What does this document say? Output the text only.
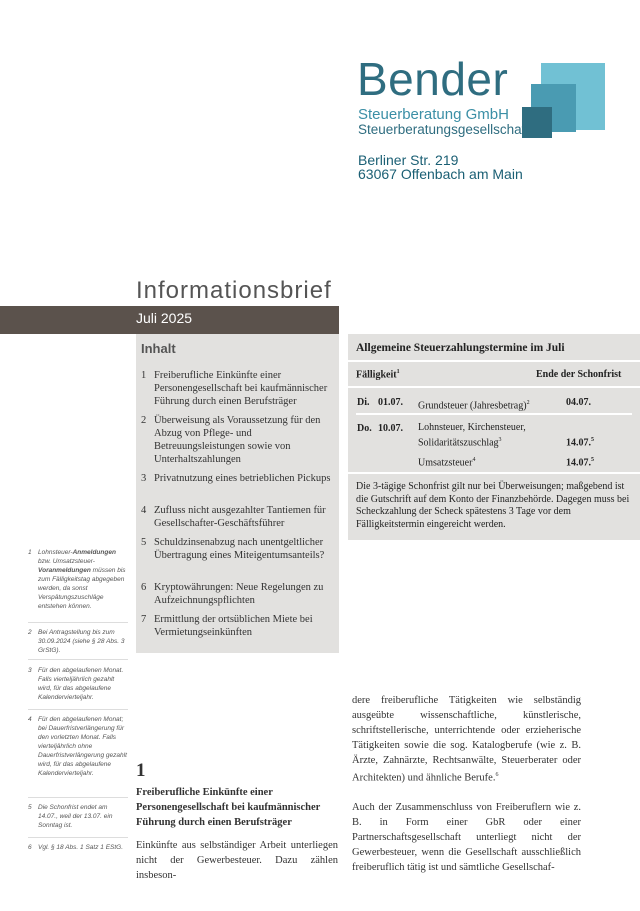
Bender
Steuerberatung GmbH
Steuerberatungsgesellschaft
Berliner Str. 219
63067 Offenbach am Main
Informationsbrief
Juli 2025
Inhalt
1 Freiberufliche Einkünfte einer Personengesellschaft bei kaufmännischer Führung durch einen Berufsträger
2 Überweisung als Voraussetzung für den Abzug von Pflege- und Betreuungsleistungen sowie von Unterhaltszahlungen
3 Privatnutzung eines betrieblichen Pickups
4 Zufluss nicht ausgezahlter Tantiemen für Gesellschafter-Geschäftsführer
5 Schuldzinsenabzug nach unentgeltlicher Übertragung eines Miteigentumsanteils?
6 Kryptowährungen: Neue Regelungen zu Aufzeichnungspflichten
7 Ermittlung der ortsüblichen Miete bei Vermietungseinkünften
Allgemeine Steuerzahlungstermine im Juli
Fälligkeit$^1$	Ende der Schonfrist
Di. 01.07. Grundsteuer (Jahresbetrag)$^2$	04.07.
Do. 10.07. Lohnsteuer, Kirchensteuer, Solidaritätszuschlag$^3$	14.07.$^5$
Umsatzsteuer$^4$	14.07.$^5$
Die 3-tägige Schonfrist gilt nur bei Überweisungen; maßgebend ist die Gutschrift auf dem Konto der Finanzbehörde. Dagegen muss bei Scheckzahlung der Scheck spätestens 3 Tage vor dem Fälligkeitstermin eingereicht werden.
1 Lohnsteuer-Anmeldungen bzw. Umsatzsteuer-Voranmeldungen müssen bis zum Fälligkeitstag abgegeben werden, da sonst Verspätungszuschläge entstehen können.
2 Bei Antragstellung bis zum 30.09.2024 (siehe § 28 Abs. 3 GrStG).
3 Für den abgelaufenen Monat. Falls vierteljährlich gezahlt wird, für das abgelaufene Kalendervierteljahr.
4 Für den abgelaufenen Monat; bei Dauerfristverlängerung für den vorletzten Monat. Falls vierteljährlich ohne Dauerfristverlängerung gezahlt wird, für das abgelaufene Kalendervierteljahr.
5 Die Schonfrist endet am 14.07., weil der 13.07. ein Sonntag ist.
6 Vgl. § 18 Abs. 1 Satz 1 EStG.
1
Freiberufliche Einkünfte einer Personengesellschaft bei kaufmännischer Führung durch einen Berufsträger
Einkünfte aus selbständiger Arbeit unterliegen nicht der Gewerbesteuer. Dazu zählen insbeson-
dere freiberufliche Tätigkeiten wie selbständig ausgeübte wissenschaftliche, künstlerische, schriftstellerische, unterrichtende oder erzieherische Tätigkeiten sowie die sog. Katalogberufe (wie z. B. Ärzte, Zahnärzte, Rechtsanwälte, Steuerberater oder Architekten) und ähnliche Berufe.$^6$
Auch der Zusammenschluss von Freiberuflern wie z. B. in Form einer GbR oder einer Partnerschaftsgesellschaft unterliegt nicht der Gewerbesteuer, wenn die Gesellschaft ausschließlich freiberuflich tätig ist und sämtliche Gesellschaf-
